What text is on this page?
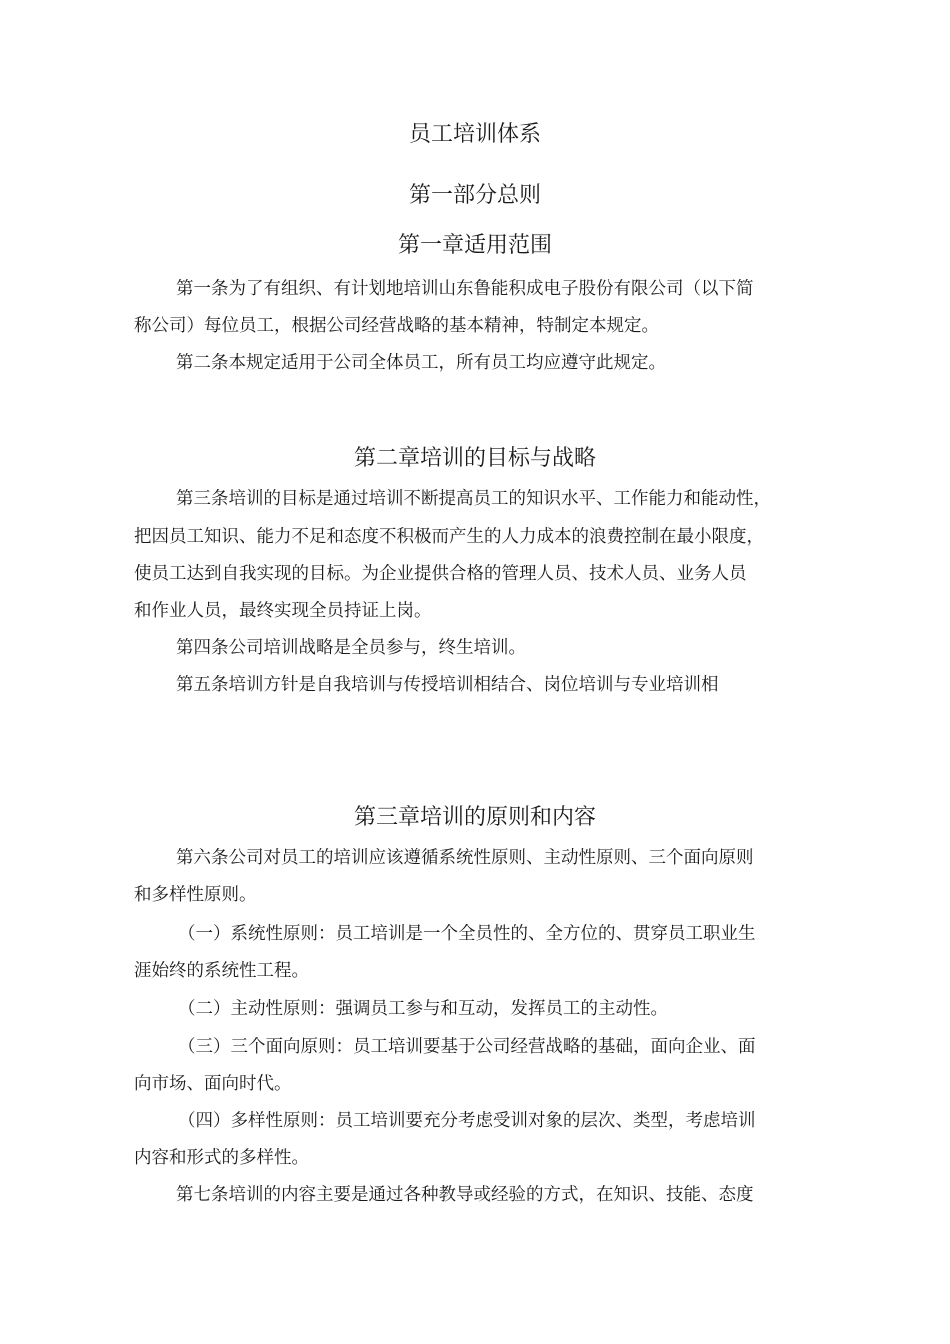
员工培训体系
第一部分总则
第一章适用范围
第一条为了有组织、有计划地培训山东鲁能积成电子股份有限公司（以下简
称公司）每位员工，根据公司经营战略的基本精神，特制定本规定。
第二条本规定适用于公司全体员工，所有员工均应遵守此规定。
第二章培训的目标与战略
第三条培训的目标是通过培训不断提高员工的知识水平、工作能力和能动性，
把因员工知识、能力不足和态度不积极而产生的人力成本的浪费控制在最小限度，
使员工达到自我实现的目标。为企业提供合格的管理人员、技术人员、业务人员
和作业人员，最终实现全员持证上岗。
第四条公司培训战略是全员参与，终生培训。
第五条培训方针是自我培训与传授培训相结合、岗位培训与专业培训相
第三章培训的原则和内容
第六条公司对员工的培训应该遵循系统性原则、主动性原则、三个面向原则
和多样性原则。
（一）系统性原则：员工培训是一个全员性的、全方位的、贯穿员工职业生
涯始终的系统性工程。
（二）主动性原则：强调员工参与和互动，发挥员工的主动性。
（三）三个面向原则：员工培训要基于公司经营战略的基础，面向企业、面
向市场、面向时代。
（四）多样性原则：员工培训要充分考虑受训对象的层次、类型，考虑培训
内容和形式的多样性。
第七条培训的内容主要是通过各种教导或经验的方式，在知识、技能、态度
